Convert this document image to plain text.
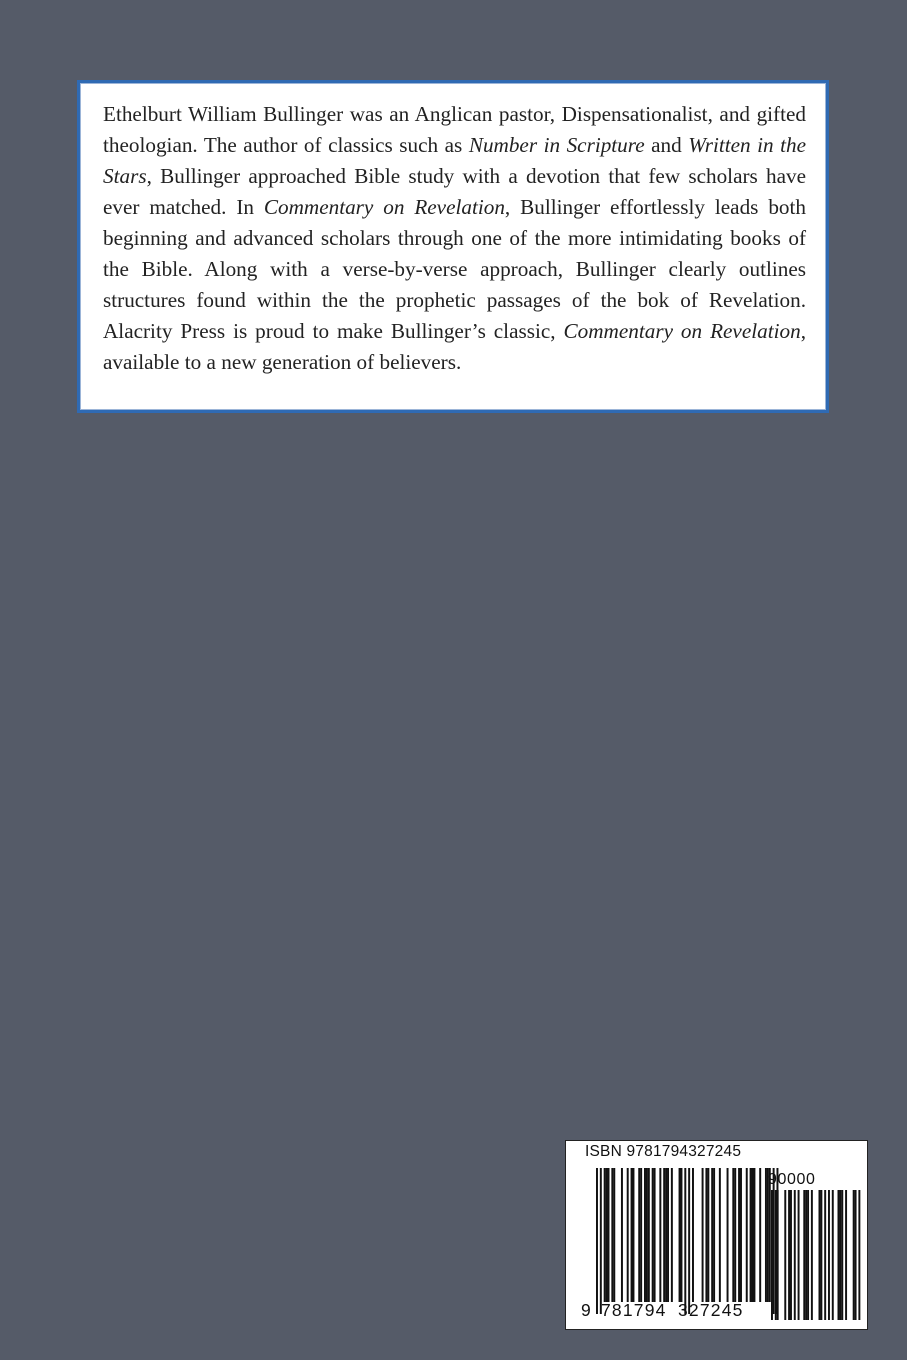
Ethelburt William Bullinger was an Anglican pastor, Dispensationalist, and gifted theologian. The author of classics such as Number in Scripture and Written in the Stars, Bullinger approached Bible study with a devotion that few scholars have ever matched. In Commentary on Revelation, Bullinger effortlessly leads both beginning and advanced scholars through one of the more intimidating books of the Bible. Along with a verse-by-verse approach, Bullinger clearly outlines structures found within the the prophetic passages of the bok of Revelation. Alacrity Press is proud to make Bullinger’s classic, Commentary on Revelation, available to a new generation of believers.

ISBN 9781794327245
90000
9 781794 327245
